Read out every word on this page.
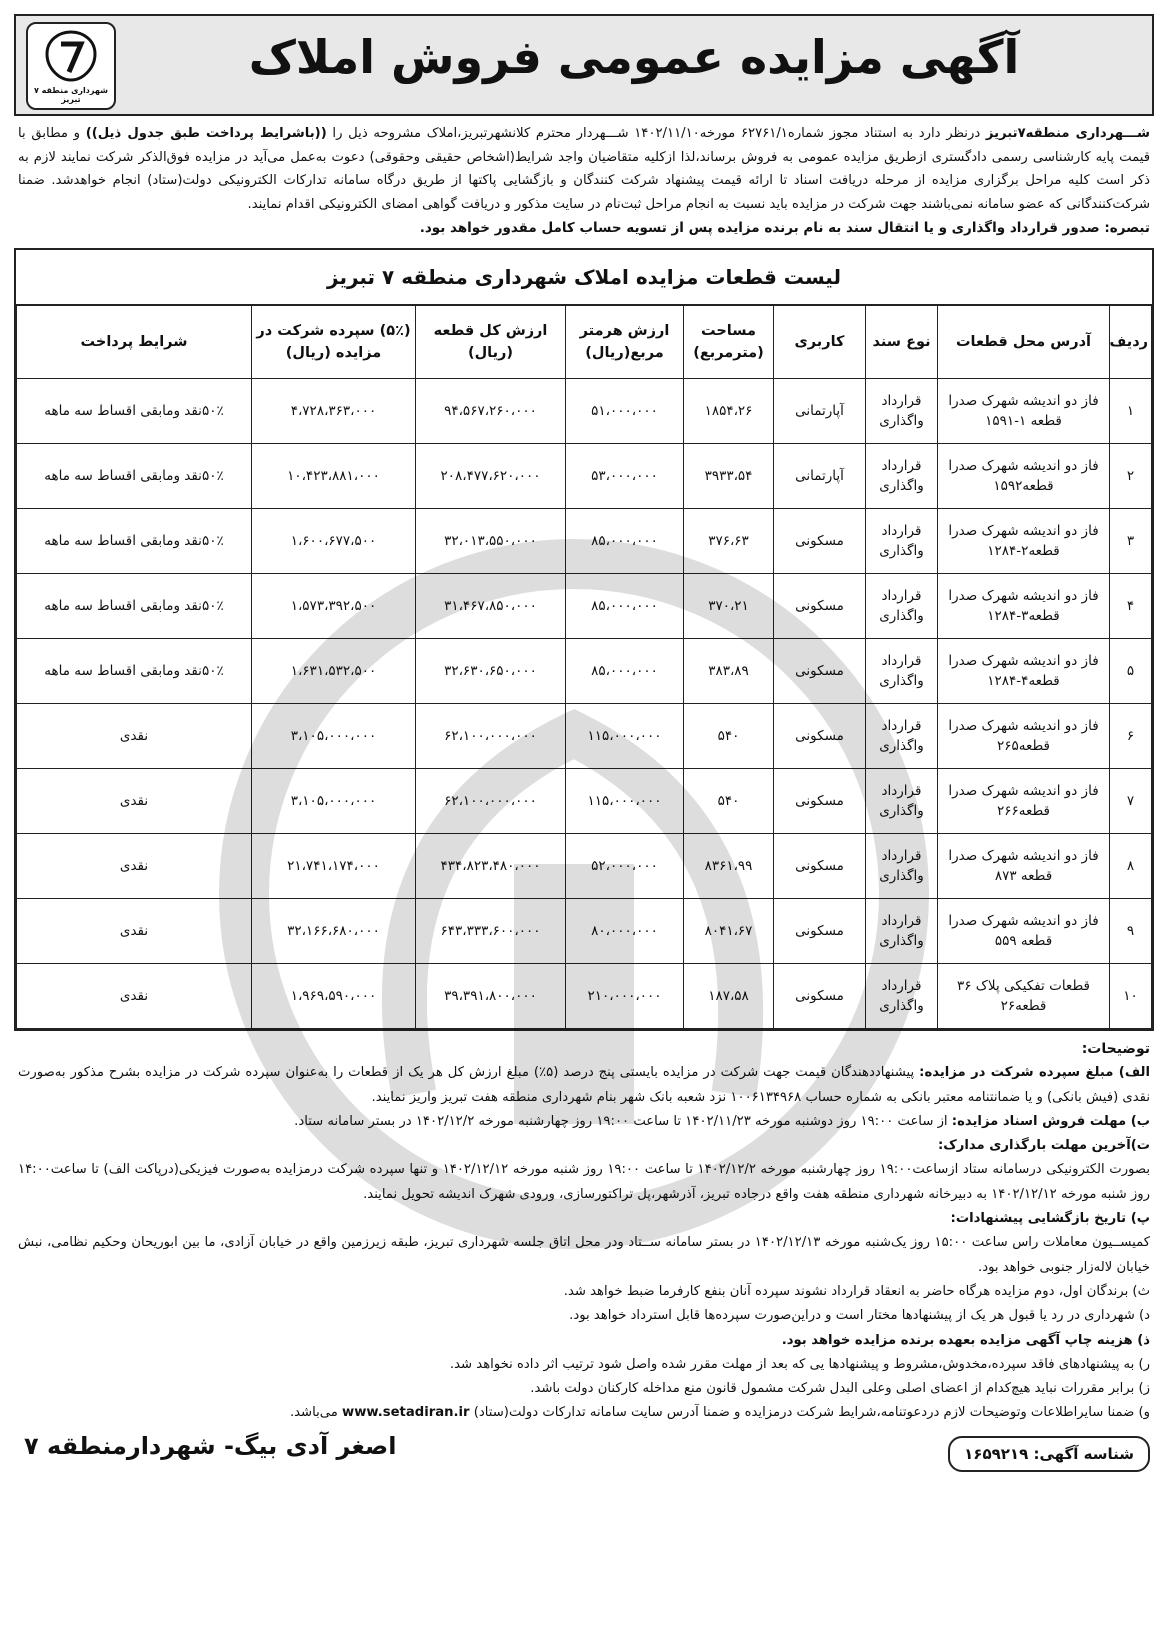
شهرداری منطقه ۷ تبریز
آگهی مزایده عمومی فروش املاک
شـــهرداری منطقه۷تبریز درنظر دارد به استناد مجوز شماره۶۲۷۶۱/۱ مورخه۱۴۰۲/۱۱/۱۰ شـــهردار محترم کلانشهرتبریز،املاک مشروحه ذیل را ((باشرایط پرداخت طبق جدول ذیل)) و مطابق با قیمت پایه کارشناسی رسمی دادگستری ازطریق مزایده عمومی به فروش برساند،لذا ازکلیه متقاضیان واجد شرایط(اشخاص حقیقی وحقوقی) دعوت به‌عمل می‌آید در مزایده فوق‌الذکر شرکت نمایند لازم به ذکر است کلیه مراحل برگزاری مزایده از مرحله دریافت اسناد تا ارائه قیمت پیشنهاد شرکت کنندگان و بازگشایی پاکتها از طریق درگاه سامانه تدارکات الکترونیکی دولت(ستاد) انجام خواهدشد. ضمنا شرکت‌کنندگانی که عضو سامانه نمی‌باشند جهت شرکت در مزایده باید نسبت به انجام مراحل ثبت‌نام در سایت مذکور و دریافت گواهی امضای الکترونیکی اقدام نمایند.
تبصره: صدور قرارداد واگذاری و یا انتقال سند به نام برنده مزایده پس از تسویه حساب کامل مقدور خواهد بود.
لیست قطعات مزایده املاک شهرداری منطقه ۷ تبریز
ردیف	آدرس محل قطعات	نوع سند	کاربری	مساحت (مترمربع)	ارزش هرمتر مربع(ریال)	ارزش کل قطعه (ریال)	(۵٪) سپرده شرکت در مزایده (ریال)	شرایط پرداخت
۱	فاز دو اندیشه شهرک صدرا قطعه ۱-۱۵۹۱	قرارداد واگذاری	آپارتمانی	۱۸۵۴،۲۶	۵۱،۰۰۰،۰۰۰	۹۴،۵۶۷،۲۶۰،۰۰۰	۴،۷۲۸،۳۶۳،۰۰۰	۵۰٪نقد ومابقی اقساط سه ماهه
۲	فاز دو اندیشه شهرک صدرا قطعه۱۵۹۲	قرارداد واگذاری	آپارتمانی	۳۹۳۳،۵۴	۵۳،۰۰۰،۰۰۰	۲۰۸،۴۷۷،۶۲۰،۰۰۰	۱۰،۴۲۳،۸۸۱،۰۰۰	۵۰٪نقد ومابقی اقساط سه ماهه
۳	فاز دو اندیشه شهرک صدرا قطعه۲-۱۲۸۴	قرارداد واگذاری	مسکونی	۳۷۶،۶۳	۸۵،۰۰۰،۰۰۰	۳۲،۰۱۳،۵۵۰،۰۰۰	۱،۶۰۰،۶۷۷،۵۰۰	۵۰٪نقد ومابقی اقساط سه ماهه
۴	فاز دو اندیشه شهرک صدرا قطعه۳-۱۲۸۴	قرارداد واگذاری	مسکونی	۳۷۰،۲۱	۸۵،۰۰۰،۰۰۰	۳۱،۴۶۷،۸۵۰،۰۰۰	۱،۵۷۳،۳۹۲،۵۰۰	۵۰٪نقد ومابقی اقساط سه ماهه
۵	فاز دو اندیشه شهرک صدرا قطعه۴-۱۲۸۴	قرارداد واگذاری	مسکونی	۳۸۳،۸۹	۸۵،۰۰۰،۰۰۰	۳۲،۶۳۰،۶۵۰،۰۰۰	۱،۶۳۱،۵۳۲،۵۰۰	۵۰٪نقد ومابقی اقساط سه ماهه
۶	فاز دو اندیشه شهرک صدرا قطعه۲۶۵	قرارداد واگذاری	مسکونی	۵۴۰	۱۱۵،۰۰۰،۰۰۰	۶۲،۱۰۰،۰۰۰،۰۰۰	۳،۱۰۵،۰۰۰،۰۰۰	نقدی
۷	فاز دو اندیشه شهرک صدرا قطعه۲۶۶	قرارداد واگذاری	مسکونی	۵۴۰	۱۱۵،۰۰۰،۰۰۰	۶۲،۱۰۰،۰۰۰،۰۰۰	۳،۱۰۵،۰۰۰،۰۰۰	نقدی
۸	فاز دو اندیشه شهرک صدرا قطعه ۸۷۳	قرارداد واگذاری	مسکونی	۸۳۶۱،۹۹	۵۲،۰۰۰،۰۰۰	۴۳۴،۸۲۳،۴۸۰،۰۰۰	۲۱،۷۴۱،۱۷۴،۰۰۰	نقدی
۹	فاز دو اندیشه شهرک صدرا قطعه ۵۵۹	قرارداد واگذاری	مسکونی	۸۰۴۱،۶۷	۸۰،۰۰۰،۰۰۰	۶۴۳،۳۳۳،۶۰۰،۰۰۰	۳۲،۱۶۶،۶۸۰،۰۰۰	نقدی
۱۰	قطعات تفکیکی پلاک ۳۶ قطعه۲۶	قرارداد واگذاری	مسکونی	۱۸۷،۵۸	۲۱۰،۰۰۰،۰۰۰	۳۹،۳۹۱،۸۰۰،۰۰۰	۱،۹۶۹،۵۹۰،۰۰۰	نقدی
توضیحات:
الف) مبلغ سپرده شرکت در مزایده: پیشنهاددهندگان قیمت جهت شرکت در مزایده بایستی پنج درصد (۵٪) مبلغ ارزش کل هر یک از قطعات را به‌عنوان سپرده شرکت در مزایده بشرح مذکور به‌صورت نقدی (فیش بانکی) و یا ضمانتنامه معتبر بانکی به شماره حساب ۱۰۰۶۱۳۴۹۶۸ نزد شعبه بانک شهر بنام شهرداری منطقه هفت تبریز واریز نمایند.
ب) مهلت فروش اسناد مزایده: از ساعت ۱۹:۰۰ روز دوشنبه مورخه ۱۴۰۲/۱۱/۲۳ تا ساعت ۱۹:۰۰ روز چهارشنبه مورخه ۱۴۰۲/۱۲/۲ در بستر سامانه ستاد.
ت)آخرین مهلت بارگذاری مدارک:
بصورت الکترونیکی درسامانه ستاد ازساعت۱۹:۰۰ روز چهارشنبه مورخه ۱۴۰۲/۱۲/۲ تا ساعت ۱۹:۰۰ روز شنبه مورخه ۱۴۰۲/۱۲/۱۲ و تنها سپرده شرکت درمزایده به‌صورت فیزیکی(درپاکت الف) تا ساعت۱۴:۰۰ روز شنبه مورخه ۱۴۰۲/۱۲/۱۲ به دبیرخانه شهرداری منطقه هفت واقع درجاده تبریز، آذرشهر،پل تراکتورسازی، ورودی شهرک اندیشه تحویل نمایند.
پ) تاریخ بازگشایی پیشنهادات:
کمیســیون معاملات راس ساعت ۱۵:۰۰ روز یک‌شنبه مورخه ۱۴۰۲/۱۲/۱۳ در بستر سامانه ســتاد ودر محل اتاق جلسه شهرداری تبریز، طبقه زیرزمین واقع در خیابان آزادی، ما بین ابوریحان وحکیم نظامی، نبش خیابان لاله‌زار جنوبی خواهد بود.
ث) برندگان اول، دوم مزایده هرگاه حاضر به انعقاد قرارداد نشوند سپرده آنان بنفع کارفرما ضبط خواهد شد.
د) شهرداری در رد یا قبول هر یک از پیشنهادها مختار است و دراین‌صورت سپرده‌ها قابل استرداد خواهد بود.
ذ) هزینه چاپ آگهی مزایده بعهده برنده مزایده خواهد بود.
ر) به پیشنهادهای فاقد سپرده،مخدوش،مشروط و پیشنهادها یی که بعد از مهلت مقرر شده واصل شود ترتیب اثر داده نخواهد شد.
ز) برابر مقررات نباید هیچ‌کدام از اعضای اصلی وعلی البدل شرکت مشمول قانون منع مداخله کارکنان دولت باشد.
و) ضمنا سایراطلاعات وتوضیحات لازم درد‌عوتنامه،شرایط شرکت درمزایده و ضمنا آدرس سایت سامانه تدارکات دولت(ستاد) www.setadiran.ir می‌باشد.
شناسه آگهی: ۱۶۵۹۲۱۹
اصغر آدی بیگ- شهردارمنطقه ۷
